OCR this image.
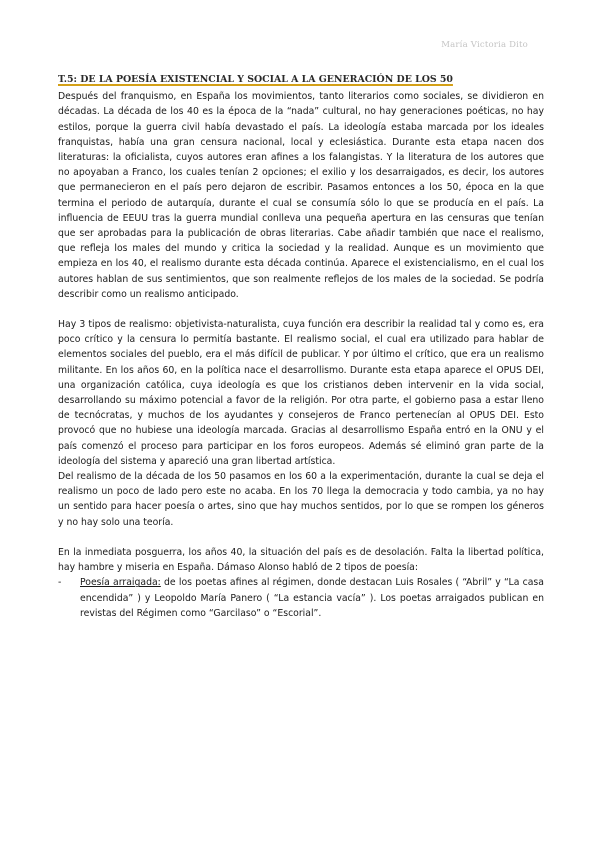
María Victoria Dito
T.5: DE LA POESÍA EXISTENCIAL Y SOCIAL A LA GENERACIÓN DE LOS 50

Después del franquismo, en España los movimientos, tanto literarios como sociales, se dividieron en décadas. La década de los 40 es la época de la “nada” cultural, no hay generaciones poéticas, no hay estilos, porque la guerra civil había devastado el país. La ideología estaba marcada por los ideales franquistas, había una gran censura nacional, local y eclesiástica. Durante esta etapa nacen dos literaturas: la oficialista, cuyos autores eran afines a los falangistas. Y la literatura de los autores que no apoyaban a Franco, los cuales tenían 2 opciones; el exilio y los desarraigados, es decir, los autores que permanecieron en el país pero dejaron de escribir. Pasamos entonces a los 50, época en la que termina el periodo de autarquía, durante el cual se consumía sólo lo que se producía en el país. La influencia de EEUU tras la guerra mundial conlleva una pequeña apertura en las censuras que tenían que ser aprobadas para la publicación de obras literarias. Cabe añadir también que nace el realismo, que refleja los males del mundo y critica la sociedad y la realidad. Aunque es un movimiento que empieza en los 40, el realismo durante esta década continúa. Aparece el existencialismo, en el cual los autores hablan de sus sentimientos, que son realmente reflejos de los males de la sociedad. Se podría describir como un realismo anticipado.

Hay 3 tipos de realismo: objetivista-naturalista, cuya función era describir la realidad tal y como es, era poco crítico y la censura lo permitía bastante. El realismo social, el cual era utilizado para hablar de elementos sociales del pueblo, era el más difícil de publicar. Y por último el crítico, que era un realismo militante. En los años 60, en la política nace el desarrollismo. Durante esta etapa aparece el OPUS DEI, una organización católica, cuya ideología es que los cristianos deben intervenir en la vida social, desarrollando su máximo potencial a favor de la religión. Por otra parte, el gobierno pasa a estar lleno de tecnócratas, y muchos de los ayudantes y consejeros de Franco pertenecían al OPUS DEI. Esto provocó que no hubiese una ideología marcada. Gracias al desarrollismo España entró en la ONU y el país comenzó el proceso para participar en los foros europeos. Además sé eliminó gran parte de la ideología del sistema y apareció una gran libertad artística.

Del realismo de la década de los 50 pasamos en los 60 a la experimentación, durante la cual se deja el realismo un poco de lado pero este no acaba. En los 70 llega la democracia y todo cambia, ya no hay un sentido para hacer poesía o artes, sino que hay muchos sentidos, por lo que se rompen los géneros y no hay solo una teoría.

En la inmediata posguerra, los años 40, la situación del país es de desolación. Falta la libertad política, hay hambre y miseria en España. Dámaso Alonso habló de 2 tipos de poesía:

- Poesía arraigada: de los poetas afines al régimen, donde destacan Luis Rosales ( “Abril” y “La casa encendida” ) y Leopoldo María Panero ( “La estancia vacía” ). Los poetas arraigados publican en revistas del Régimen como “Garcilaso” o “Escorial”.
